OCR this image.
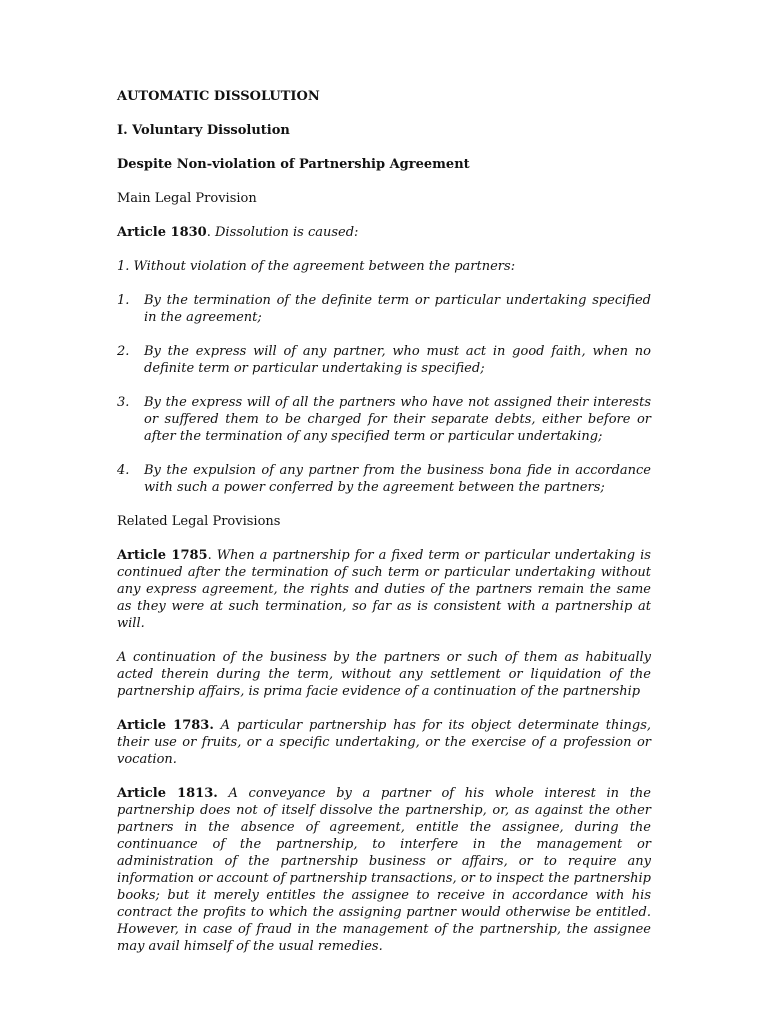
AUTOMATIC DISSOLUTION

I. Voluntary Dissolution

Despite Non-violation of Partnership Agreement

Main Legal Provision

Article 1830. Dissolution is caused:

1. Without violation of the agreement between the partners:

1. By the termination of the definite term or particular undertaking specified in the agreement;
2. By the express will of any partner, who must act in good faith, when no definite term or particular undertaking is specified;
3. By the express will of all the partners who have not assigned their interests or suffered them to be charged for their separate debts, either before or after the termination of any specified term or particular undertaking;
4. By the expulsion of any partner from the business bona fide in accordance with such a power conferred by the agreement between the partners;

Related Legal Provisions

Article 1785. When a partnership for a fixed term or particular undertaking is continued after the termination of such term or particular undertaking without any express agreement, the rights and duties of the partners remain the same as they were at such termination, so far as is consistent with a partnership at will.

A continuation of the business by the partners or such of them as habitually acted therein during the term, without any settlement or liquidation of the partnership affairs, is prima facie evidence of a continuation of the partnership

Article 1783. A particular partnership has for its object determinate things, their use or fruits, or a specific undertaking, or the exercise of a profession or vocation.

Article 1813. A conveyance by a partner of his whole interest in the partnership does not of itself dissolve the partnership, or, as against the other partners in the absence of agreement, entitle the assignee, during the continuance of the partnership, to interfere in the management or administration of the partnership business or affairs, or to require any information or account of partnership transactions, or to inspect the partnership books; but it merely entitles the assignee to receive in accordance with his contract the profits to which the assigning partner would otherwise be entitled. However, in case of fraud in the management of the partnership, the assignee may avail himself of the usual remedies.
